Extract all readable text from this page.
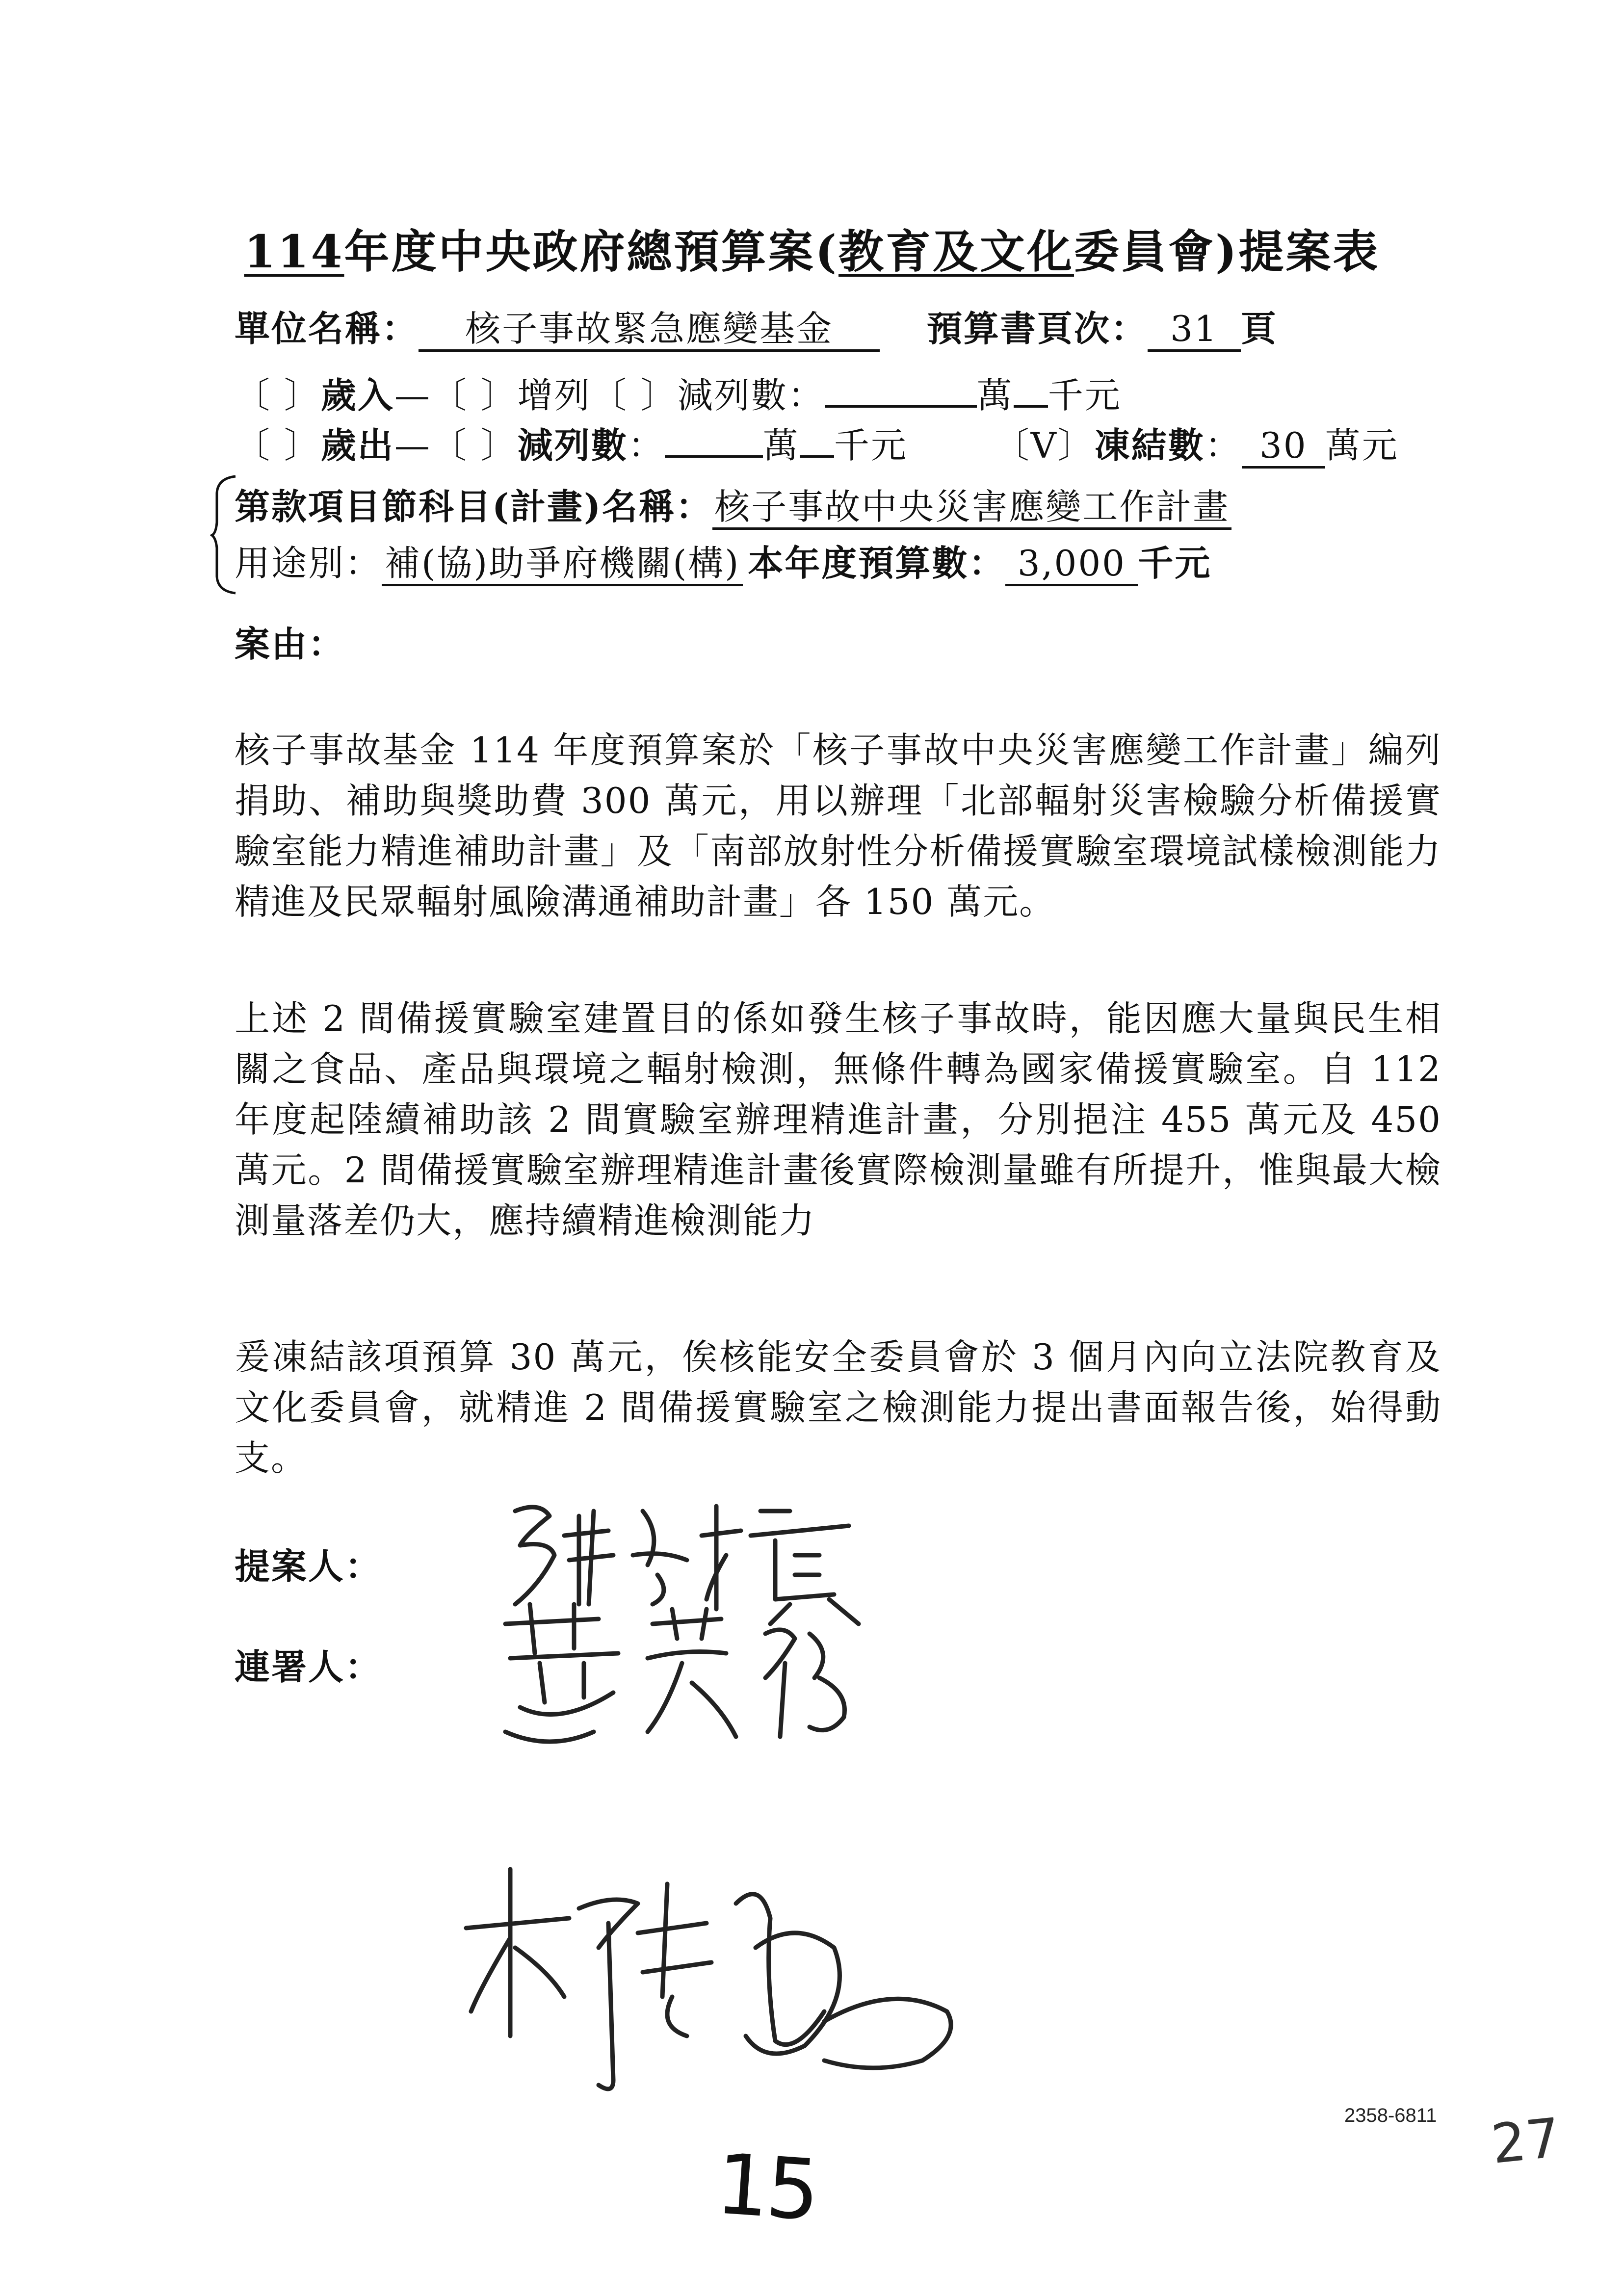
114年度中央政府總預算案(教育及文化委員會)提案表
單位名稱： 核子事故緊急應變基金	預算書頁次： 31 頁
〔 〕歲入—〔 〕增列〔 〕減列數：	萬 千元
〔 〕歲出—〔 〕減列數：	萬 千元 〔V〕凍結數： 30 萬元
第款項目節科目(計畫)名稱：核子事故中央災害應變工作計畫
用途別：補(協)助爭府機關(構) 本年度預算數： 3,000 千元
案由：
核子事故基金 114 年度預算案於「核子事故中央災害應變工作計畫」編列捐助、補助與獎助費 300 萬元，用以辦理「北部輻射災害檢驗分析備援實驗室能力精進補助計畫」及「南部放射性分析備援實驗室環境試樣檢測能力精進及民眾輻射風險溝通補助計畫」各 150 萬元。
上述 2 間備援實驗室建置目的係如發生核子事故時，能因應大量與民生相關之食品、產品與環境之輻射檢測，無條件轉為國家備援實驗室。自 112 年度起陸續補助該 2 間實驗室辦理精進計畫，分別挹注 455 萬元及 450 萬元。2 間備援實驗室辦理精進計畫後實際檢測量雖有所提升，惟與最大檢測量落差仍大，應持續精進檢測能力
爰凍結該項預算 30 萬元，俟核能安全委員會於 3 個月內向立法院教育及文化委員會，就精進 2 間備援實驗室之檢測能力提出書面報告後，始得動支。
提案人：
連署人：
2358-6811
15	27
